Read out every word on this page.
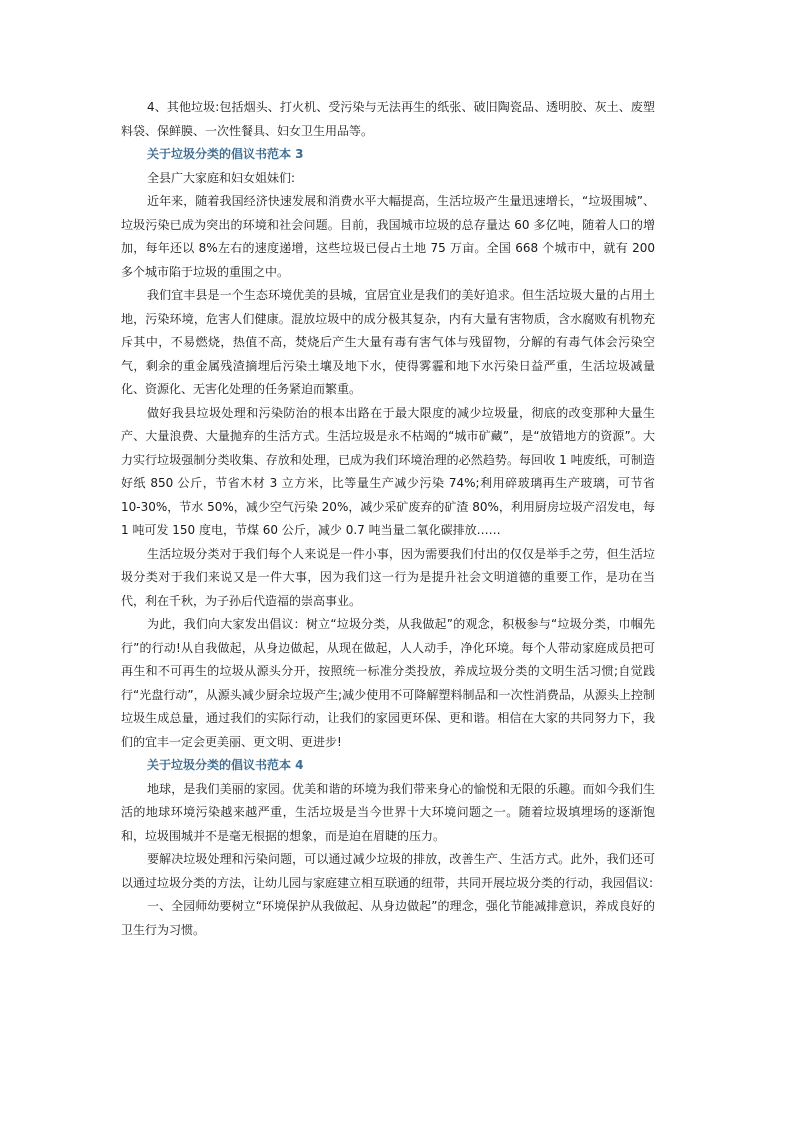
4、其他垃圾:包括烟头、打火机、受污染与无法再生的纸张、破旧陶瓷品、透明胶、灰土、废塑料袋、保鲜膜、一次性餐具、妇女卫生用品等。

关于垃圾分类的倡议书范本 3

全县广大家庭和妇女姐妹们:

近年来，随着我国经济快速发展和消费水平大幅提高，生活垃圾产生量迅速增长，“垃圾围城”、垃圾污染已成为突出的环境和社会问题。目前，我国城市垃圾的总存量达 60 多亿吨，随着人口的增加，每年还以 8%左右的速度递增，这些垃圾已侵占土地 75 万亩。全国 668 个城市中，就有 200 多个城市陷于垃圾的重围之中。

我们宜丰县是一个生态环境优美的县城，宜居宜业是我们的美好追求。但生活垃圾大量的占用土地，污染环境，危害人们健康。混放垃圾中的成分极其复杂，内有大量有害物质，含水腐败有机物充斥其中，不易燃烧，热值不高，焚烧后产生大量有毒有害气体与残留物，分解的有毒气体会污染空气，剩余的重金属残渣摘埋后污染土壤及地下水，使得雾霾和地下水污染日益严重，生活垃圾减量化、资源化、无害化处理的任务紧迫而繁重。

做好我县垃圾处理和污染防治的根本出路在于最大限度的减少垃圾量，彻底的改变那种大量生产、大量浪费、大量抛弃的生活方式。生活垃圾是永不枯竭的“城市矿藏”，是“放错地方的资源”。大力实行垃圾强制分类收集、存放和处理，已成为我们环境治理的必然趋势。每回收 1 吨废纸，可制造好纸 850 公斤，节省木材 3 立方米，比等量生产减少污染 74%;利用碎玻璃再生产玻璃，可节省 10-30%，节水 50%，减少空气污染 20%，减少采矿废弃的矿渣 80%，利用厨房垃圾产沼发电，每 1 吨可发 150 度电，节煤 60 公斤，减少 0.7 吨当量二氧化碳排放……

生活垃圾分类对于我们每个人来说是一件小事，因为需要我们付出的仅仅是举手之劳，但生活垃圾分类对于我们来说又是一件大事，因为我们这一行为是提升社会文明道德的重要工作，是功在当代，利在千秋，为子孙后代造福的崇高事业。

为此，我们向大家发出倡议：树立“垃圾分类，从我做起”的观念，积极参与“垃圾分类，巾帼先行”的行动!从自我做起，从身边做起，从现在做起，人人动手，净化环境。每个人带动家庭成员把可再生和不可再生的垃圾从源头分开，按照统一标准分类投放，养成垃圾分类的文明生活习惯;自觉践行“光盘行动”，从源头减少厨余垃圾产生;减少使用不可降解塑料制品和一次性消费品，从源头上控制垃圾生成总量，通过我们的实际行动，让我们的家园更环保、更和谐。相信在大家的共同努力下，我们的宜丰一定会更美丽、更文明、更进步!

关于垃圾分类的倡议书范本 4

地球，是我们美丽的家园。优美和谐的环境为我们带来身心的愉悦和无限的乐趣。而如今我们生活的地球环境污染越来越严重，生活垃圾是当今世界十大环境问题之一。随着垃圾填埋场的逐渐饱和，垃圾围城并不是毫无根据的想象，而是迫在眉睫的压力。

要解决垃圾处理和污染问题，可以通过减少垃圾的排放，改善生产、生活方式。此外，我们还可以通过垃圾分类的方法，让幼儿园与家庭建立相互联通的纽带，共同开展垃圾分类的行动，我园倡议:

一、全园师幼要树立“环境保护从我做起、从身边做起”的理念，强化节能减排意识，养成良好的卫生行为习惯。
